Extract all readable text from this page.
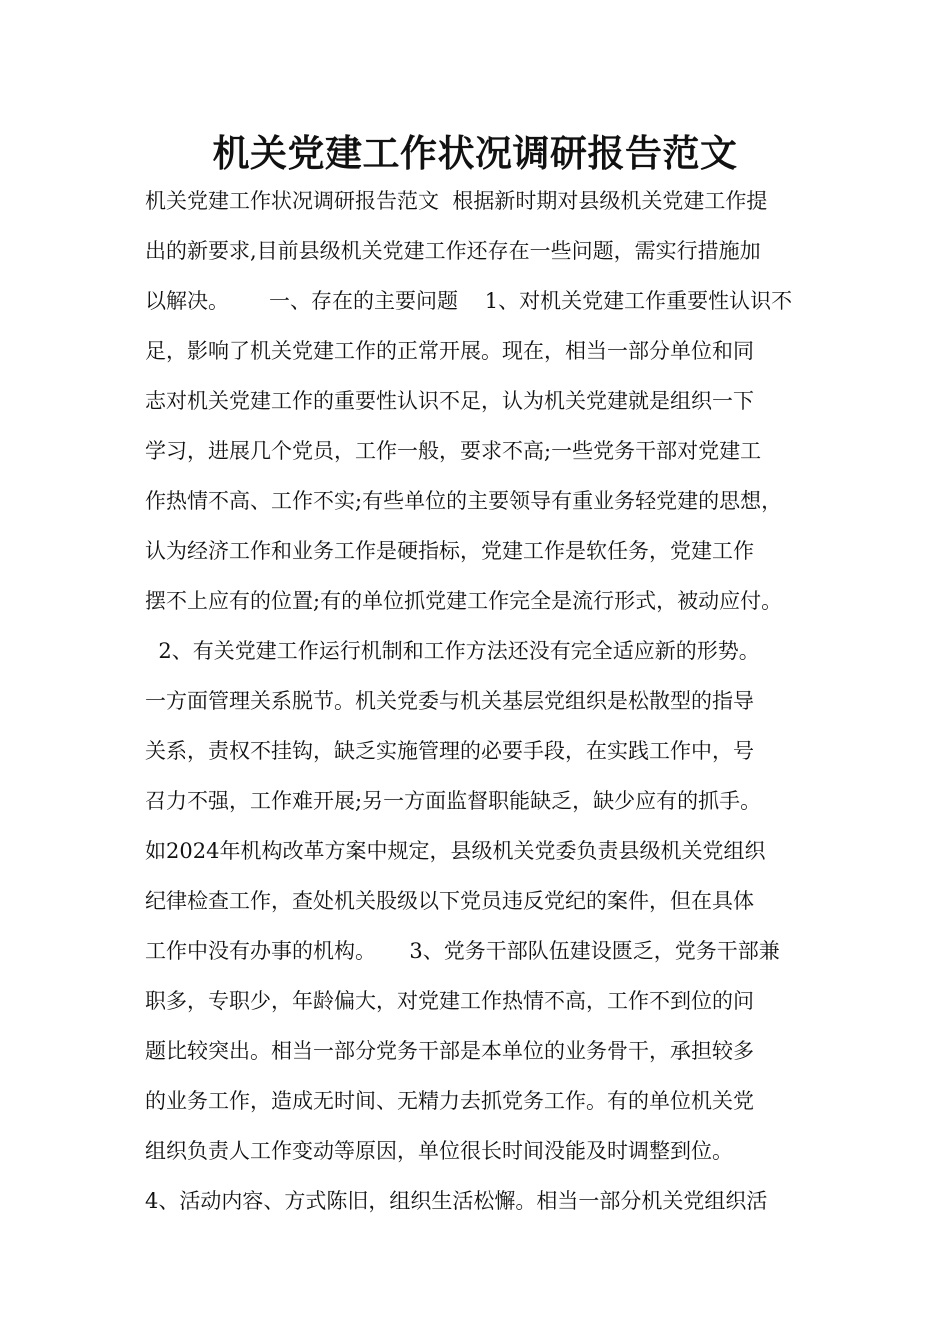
机关党建工作状况调研报告范文

机关党建工作状况调研报告范文  根据新时期对县级机关党建工作提

出的新要求,目前县级机关党建工作还存在一些问题，需实行措施加

以解决。      一、存在的主要问题    1、对机关党建工作重要性认识不

足，影响了机关党建工作的正常开展。现在，相当一部分单位和同

志对机关党建工作的重要性认识不足，认为机关党建就是组织一下

学习，进展几个党员，工作一般，要求不高;一些党务干部对党建工

作热情不高、工作不实;有些单位的主要领导有重业务轻党建的思想，

认为经济工作和业务工作是硬指标，党建工作是软任务，党建工作

摆不上应有的位置;有的单位抓党建工作完全是流行形式，被动应付。

2、有关党建工作运行机制和工作方法还没有完全适应新的形势。

一方面管理关系脱节。机关党委与机关基层党组织是松散型的指导

关系，责权不挂钩，缺乏实施管理的必要手段，在实践工作中，号

召力不强，工作难开展;另一方面监督职能缺乏，缺少应有的抓手。

如2024年机构改革方案中规定，县级机关党委负责县级机关党组织

纪律检查工作，查处机关股级以下党员违反党纪的案件，但在具体

工作中没有办事的机构。     3、党务干部队伍建设匮乏，党务干部兼

职多，专职少，年龄偏大，对党建工作热情不高，工作不到位的问

题比较突出。相当一部分党务干部是本单位的业务骨干，承担较多

的业务工作，造成无时间、无精力去抓党务工作。有的单位机关党

组织负责人工作变动等原因，单位很长时间没能及时调整到位。

4、活动内容、方式陈旧，组织生活松懈。相当一部分机关党组织活
